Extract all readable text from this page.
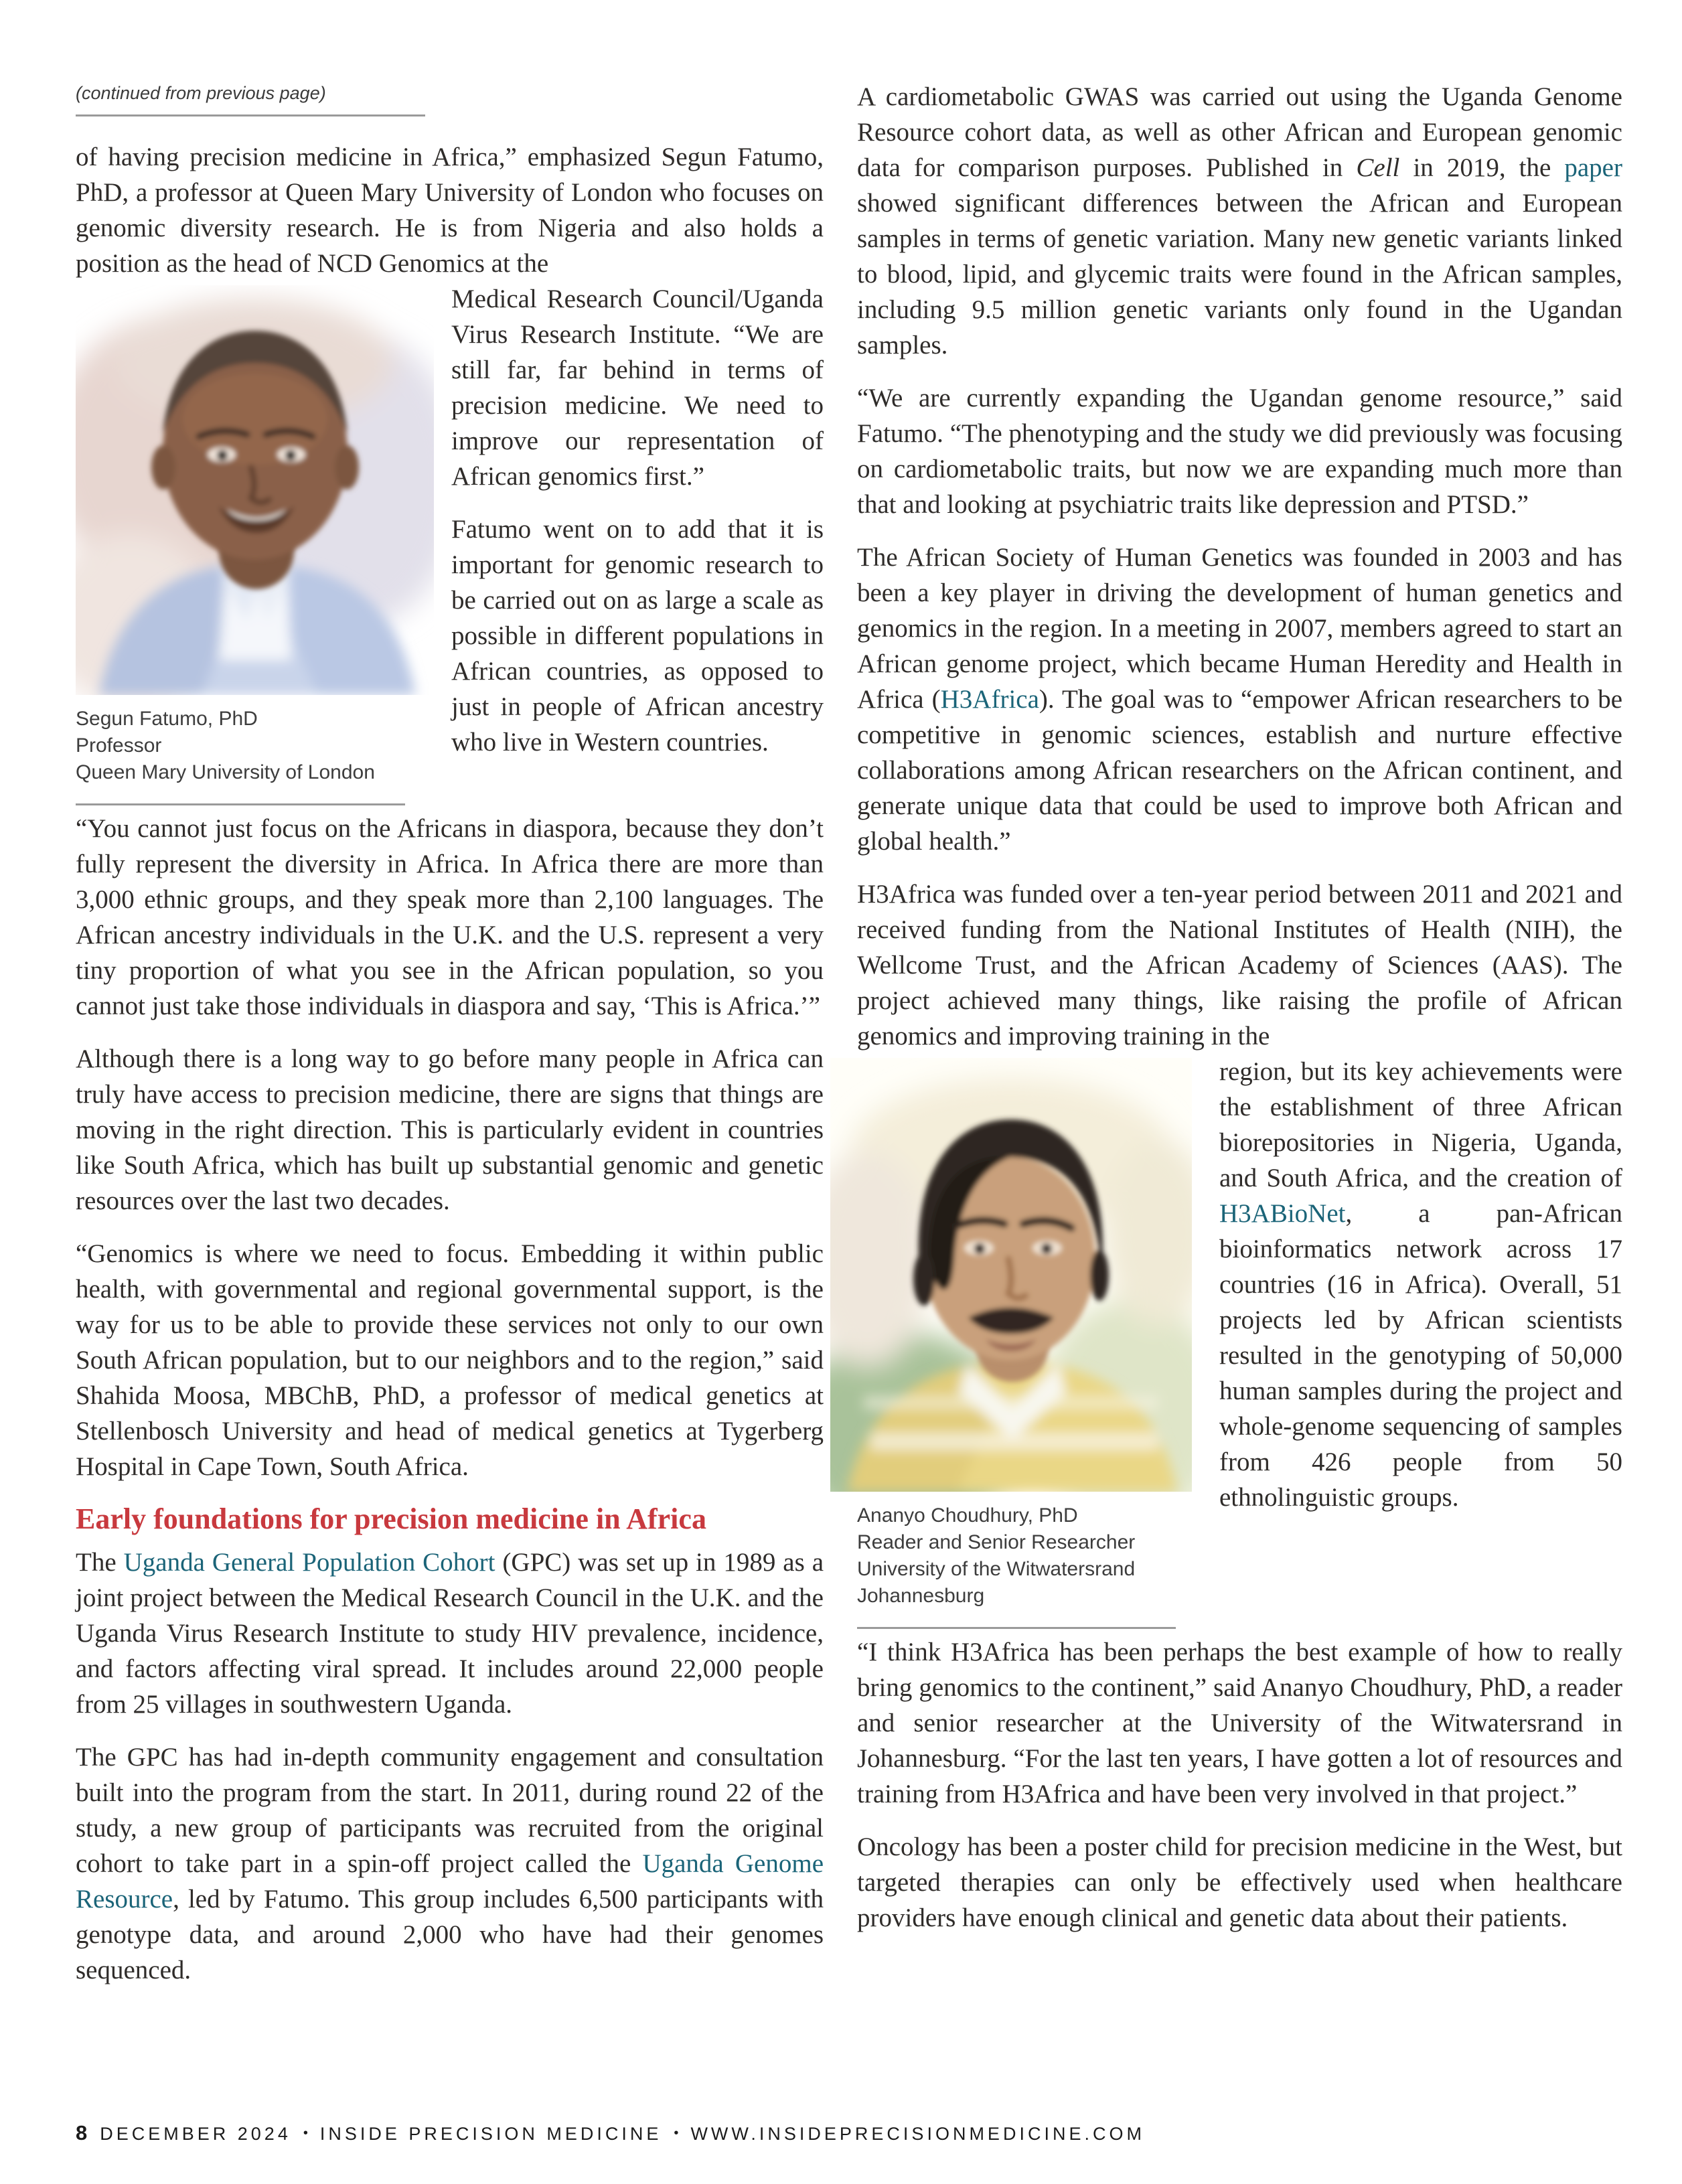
(continued from previous page)

of having precision medicine in Africa,” emphasized Segun Fatumo, PhD, a professor at Queen Mary University of London who focuses on genomic diversity research. He is from Nigeria and also holds a position as the head of NCD Genomics at the

Segun Fatumo, PhD
Professor
Queen Mary University of London

Medical Research Council/Uganda Virus Research Institute. “We are still far, far behind in terms of precision medicine. We need to improve our representation of African genomics first.”

Fatumo went on to add that it is important for genomic research to be carried out on as large a scale as possible in different populations in African countries, as opposed to just in people of African ancestry who live in Western countries.

“You cannot just focus on the Africans in diaspora, because they don’t fully represent the diversity in Africa. In Africa there are more than 3,000 ethnic groups, and they speak more than 2,100 languages. The African ancestry individuals in the U.K. and the U.S. represent a very tiny proportion of what you see in the African population, so you cannot just take those individuals in diaspora and say, ‘This is Africa.’”

Although there is a long way to go before many people in Africa can truly have access to precision medicine, there are signs that things are moving in the right direction. This is particularly evident in countries like South Africa, which has built up substantial genomic and genetic resources over the last two decades.

“Genomics is where we need to focus. Embedding it within public health, with governmental and regional governmental support, is the way for us to be able to provide these services not only to our own South African population, but to our neighbors and to the region,” said Shahida Moosa, MBChB, PhD, a professor of medical genetics at Stellenbosch University and head of medical genetics at Tygerberg Hospital in Cape Town, South Africa.

Early foundations for precision medicine in Africa

The Uganda General Population Cohort (GPC) was set up in 1989 as a joint project between the Medical Research Council in the U.K. and the Uganda Virus Research Institute to study HIV prevalence, incidence, and factors affecting viral spread. It includes around 22,000 people from 25 villages in southwestern Uganda.

The GPC has had in-depth community engagement and consultation built into the program from the start. In 2011, during round 22 of the study, a new group of participants was recruited from the original cohort to take part in a spin-off project called the Uganda Genome Resource, led by Fatumo. This group includes 6,500 participants with genotype data, and around 2,000 who have had their genomes sequenced.

A cardiometabolic GWAS was carried out using the Uganda Genome Resource cohort data, as well as other African and European genomic data for comparison purposes. Published in Cell in 2019, the paper showed significant differences between the African and European samples in terms of genetic variation. Many new genetic variants linked to blood, lipid, and glycemic traits were found in the African samples, including 9.5 million genetic variants only found in the Ugandan samples.

“We are currently expanding the Ugandan genome resource,” said Fatumo. “The phenotyping and the study we did previously was focusing on cardiometabolic traits, but now we are expanding much more than that and looking at psychiatric traits like depression and PTSD.”

The African Society of Human Genetics was founded in 2003 and has been a key player in driving the development of human genetics and genomics in the region. In a meeting in 2007, members agreed to start an African genome project, which became Human Heredity and Health in Africa (H3Africa). The goal was to “empower African researchers to be competitive in genomic sciences, establish and nurture effective collaborations among African researchers on the African continent, and generate unique data that could be used to improve both African and global health.”

H3Africa was funded over a ten-year period between 2011 and 2021 and received funding from the National Institutes of Health (NIH), the Wellcome Trust, and the African Academy of Sciences (AAS). The project achieved many things, like raising the profile of African genomics and improving training in the

Ananyo Choudhury, PhD
Reader and Senior Researcher
University of the Witwatersrand
Johannesburg

region, but its key achievements were the establishment of three African biorepositories in Nigeria, Uganda, and South Africa, and the creation of H3ABioNet, a pan-African bioinformatics network across 17 countries (16 in Africa). Overall, 51 projects led by African scientists resulted in the genotyping of 50,000 human samples during the project and whole-genome sequencing of samples from 426 people from 50 ethnolinguistic groups.

“I think H3Africa has been perhaps the best example of how to really bring genomics to the continent,” said Ananyo Choudhury, PhD, a reader and senior researcher at the University of the Witwatersrand in Johannesburg. “For the last ten years, I have gotten a lot of resources and training from H3Africa and have been very involved in that project.”

Oncology has been a poster child for precision medicine in the West, but targeted therapies can only be effectively used when healthcare providers have enough clinical and genetic data about their patients.

8 DECEMBER 2024 • INSIDE PRECISION MEDICINE • WWW.INSIDEPRECISIONMEDICINE.COM
